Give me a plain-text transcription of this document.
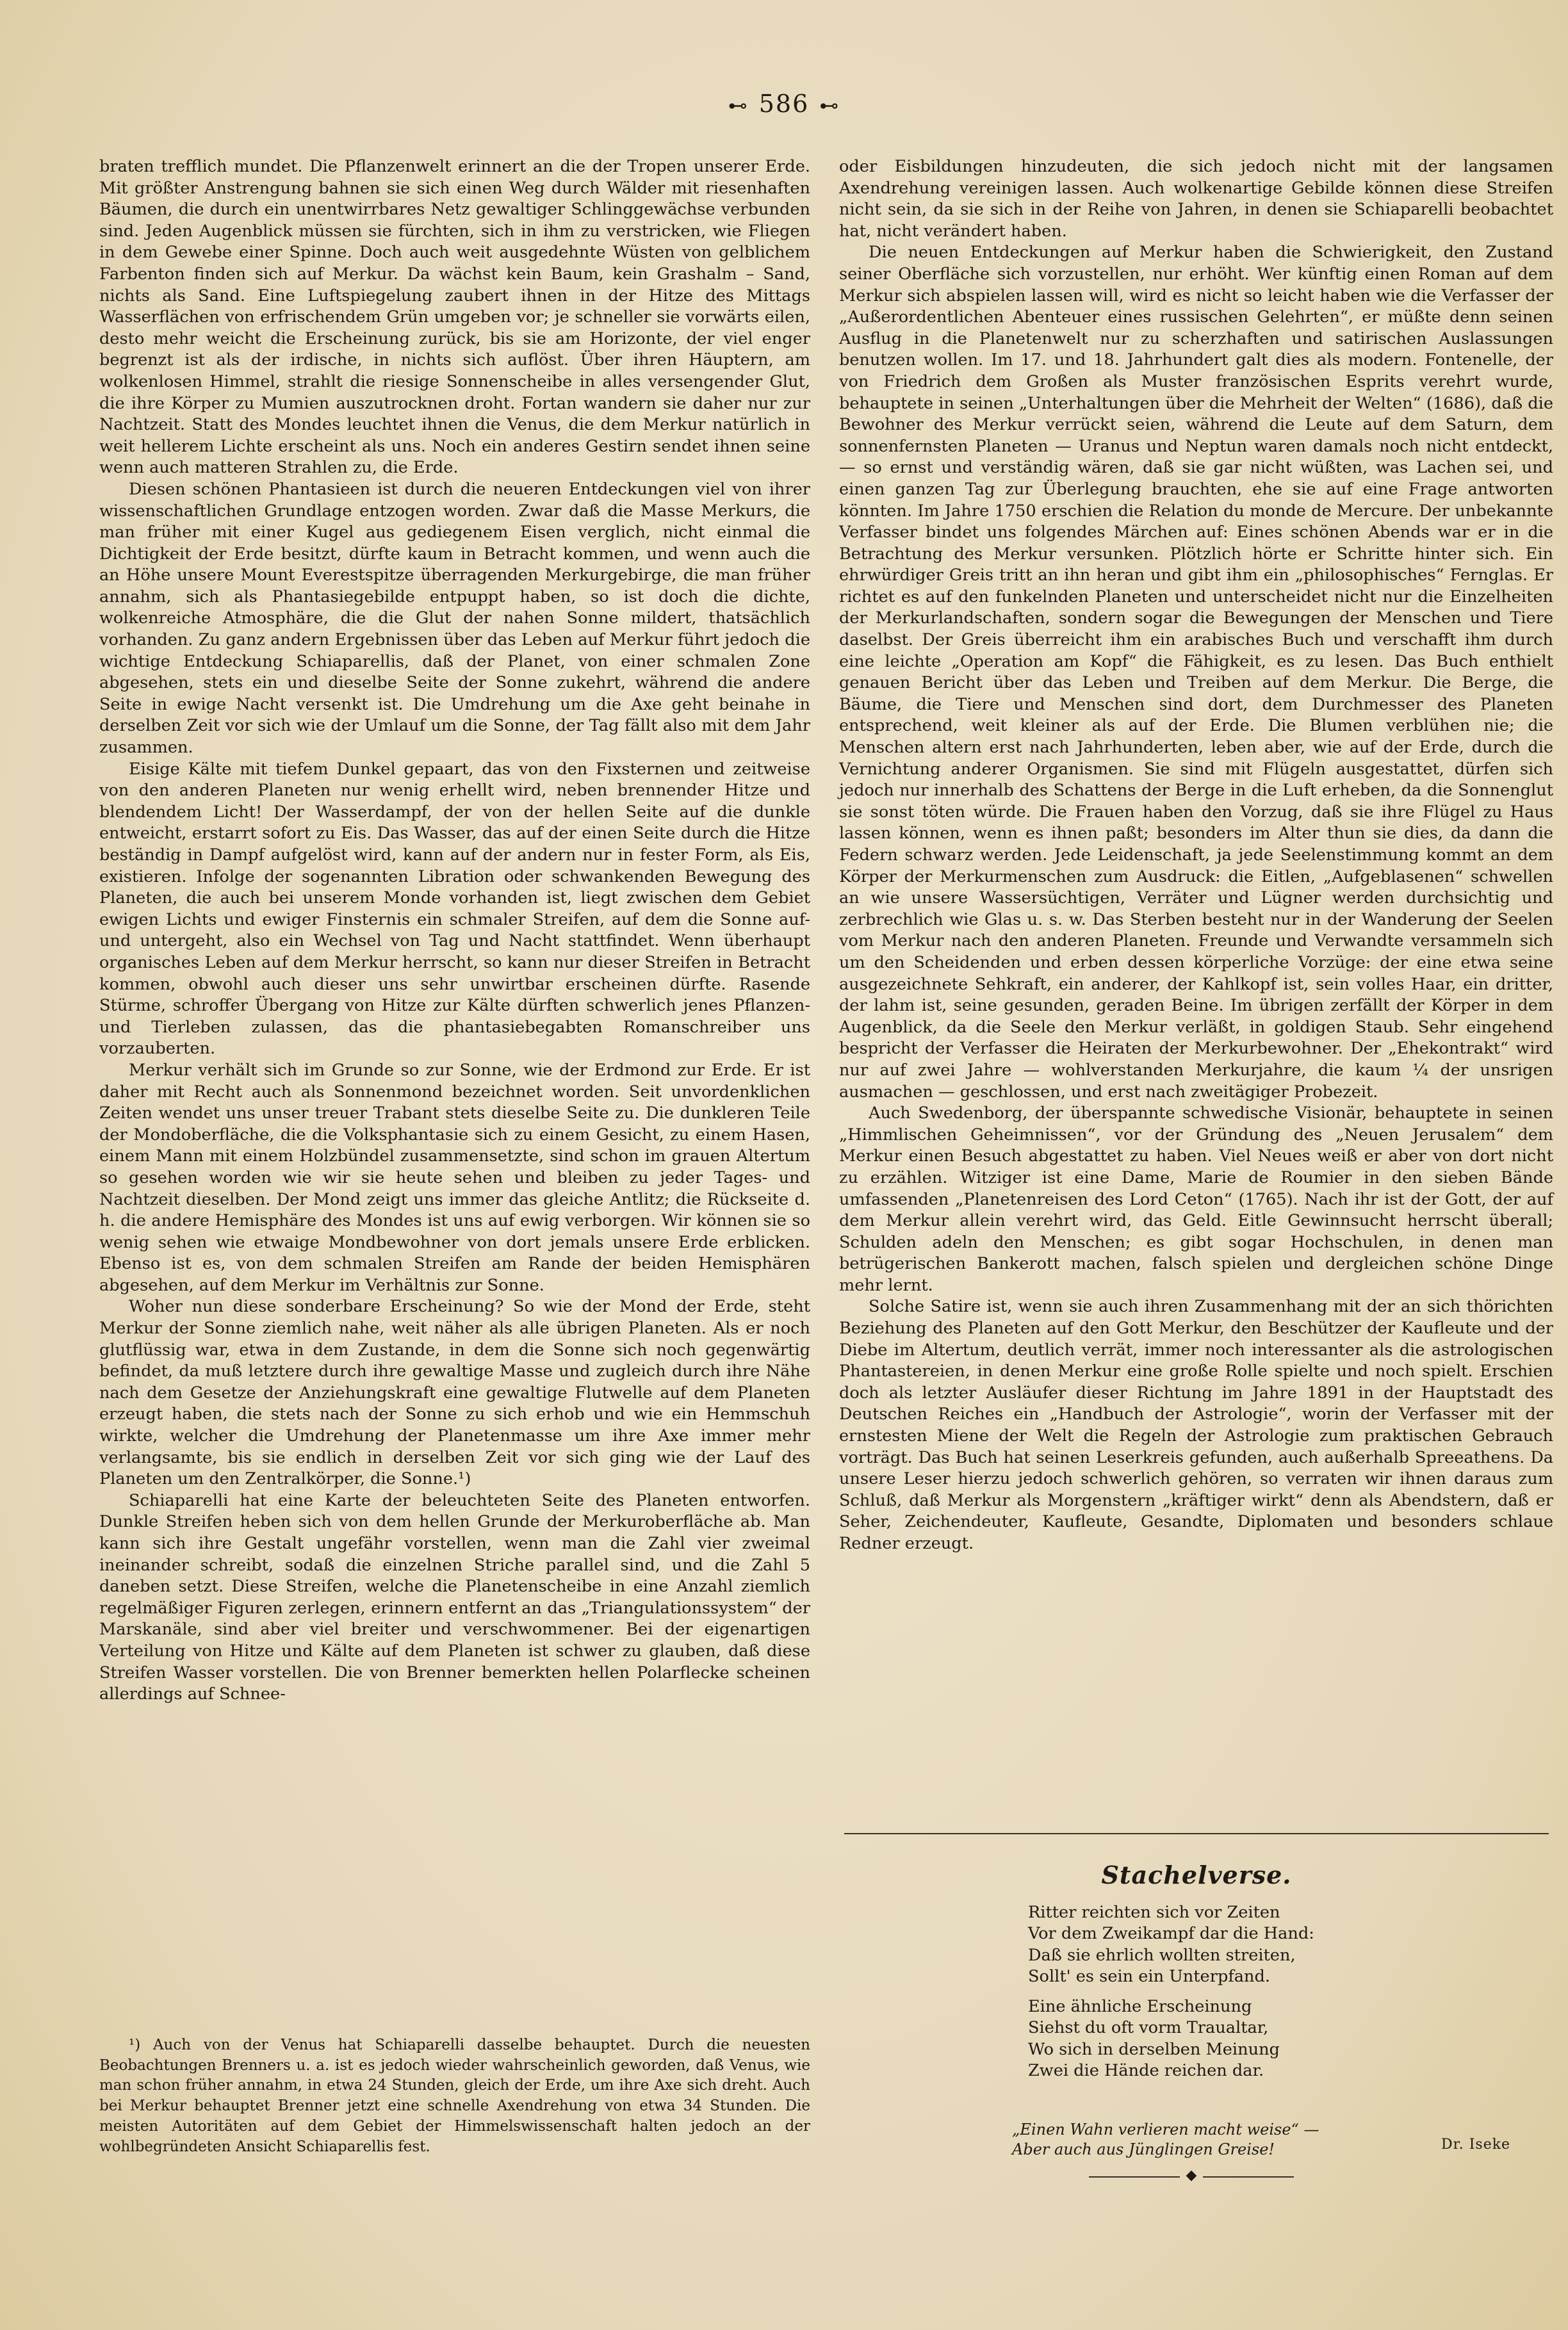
⊷ 586 ⊷

braten trefflich mundet. Die Pflanzenwelt erinnert an die der Tropen unserer Erde. Mit größter Anstrengung bahnen sie sich einen Weg durch Wälder mit riesenhaften Bäumen, die durch ein unentwirrbares Netz gewaltiger Schlinggewächse verbunden sind. Jeden Augenblick müssen sie fürchten, sich in ihm zu verstricken, wie Fliegen in dem Gewebe einer Spinne. Doch auch weit ausgedehnte Wüsten von gelblichem Farbenton finden sich auf Merkur. Da wächst kein Baum, kein Grashalm – Sand, nichts als Sand. Eine Luftspiegelung zaubert ihnen in der Hitze des Mittags Wasserflächen von erfrischendem Grün umgeben vor; je schneller sie vorwärts eilen, desto mehr weicht die Erscheinung zurück, bis sie am Horizonte, der viel enger begrenzt ist als der irdische, in nichts sich auflöst. Über ihren Häuptern, am wolkenlosen Himmel, strahlt die riesige Sonnenscheibe in alles versengender Glut, die ihre Körper zu Mumien auszutrocknen droht. Fortan wandern sie daher nur zur Nachtzeit. Statt des Mondes leuchtet ihnen die Venus, die dem Merkur natürlich in weit hellerem Lichte erscheint als uns. Noch ein anderes Gestirn sendet ihnen seine wenn auch matteren Strahlen zu, die Erde.

Diesen schönen Phantasieen ist durch die neueren Entdeckungen viel von ihrer wissenschaftlichen Grundlage entzogen worden. Zwar daß die Masse Merkurs, die man früher mit einer Kugel aus gediegenem Eisen verglich, nicht einmal die Dichtigkeit der Erde besitzt, dürfte kaum in Betracht kommen, und wenn auch die an Höhe unsere Mount Everestspitze überragenden Merkurgebirge, die man früher annahm, sich als Phantasiegebilde entpuppt haben, so ist doch die dichte, wolkenreiche Atmosphäre, die die Glut der nahen Sonne mildert, thatsächlich vorhanden. Zu ganz andern Ergebnissen über das Leben auf Merkur führt jedoch die wichtige Entdeckung Schiaparellis, daß der Planet, von einer schmalen Zone abgesehen, stets ein und dieselbe Seite der Sonne zukehrt, während die andere Seite in ewige Nacht versenkt ist. Die Umdrehung um die Axe geht beinahe in derselben Zeit vor sich wie der Umlauf um die Sonne, der Tag fällt also mit dem Jahr zusammen.

Eisige Kälte mit tiefem Dunkel gepaart, das von den Fixsternen und zeitweise von den anderen Planeten nur wenig erhellt wird, neben brennender Hitze und blendendem Licht! Der Wasserdampf, der von der hellen Seite auf die dunkle entweicht, erstarrt sofort zu Eis. Das Wasser, das auf der einen Seite durch die Hitze beständig in Dampf aufgelöst wird, kann auf der andern nur in fester Form, als Eis, existieren. Infolge der sogenannten Libration oder schwankenden Bewegung des Planeten, die auch bei unserem Monde vorhanden ist, liegt zwischen dem Gebiet ewigen Lichts und ewiger Finsternis ein schmaler Streifen, auf dem die Sonne auf- und untergeht, also ein Wechsel von Tag und Nacht stattfindet. Wenn überhaupt organisches Leben auf dem Merkur herrscht, so kann nur dieser Streifen in Betracht kommen, obwohl auch dieser uns sehr unwirtbar erscheinen dürfte. Rasende Stürme, schroffer Übergang von Hitze zur Kälte dürften schwerlich jenes Pflanzen- und Tierleben zulassen, das die phantasiebegabten Romanschreiber uns vorzauberten.

Merkur verhält sich im Grunde so zur Sonne, wie der Erdmond zur Erde. Er ist daher mit Recht auch als Sonnenmond bezeichnet worden. Seit unvordenklichen Zeiten wendet uns unser treuer Trabant stets dieselbe Seite zu. Die dunkleren Teile der Mondoberfläche, die die Volksphantasie sich zu einem Gesicht, zu einem Hasen, einem Mann mit einem Holzbündel zusammensetzte, sind schon im grauen Altertum so gesehen worden wie wir sie heute sehen und bleiben zu jeder Tages- und Nachtzeit dieselben. Der Mond zeigt uns immer das gleiche Antlitz; die Rückseite d. h. die andere Hemisphäre des Mondes ist uns auf ewig verborgen. Wir können sie so wenig sehen wie etwaige Mondbewohner von dort jemals unsere Erde erblicken. Ebenso ist es, von dem schmalen Streifen am Rande der beiden Hemisphären abgesehen, auf dem Merkur im Verhältnis zur Sonne.

Woher nun diese sonderbare Erscheinung? So wie der Mond der Erde, steht Merkur der Sonne ziemlich nahe, weit näher als alle übrigen Planeten. Als er noch glutflüssig war, etwa in dem Zustande, in dem die Sonne sich noch gegenwärtig befindet, da muß letztere durch ihre gewaltige Masse und zugleich durch ihre Nähe nach dem Gesetze der Anziehungskraft eine gewaltige Flutwelle auf dem Planeten erzeugt haben, die stets nach der Sonne zu sich erhob und wie ein Hemmschuh wirkte, welcher die Umdrehung der Planetenmasse um ihre Axe immer mehr verlangsamte, bis sie endlich in derselben Zeit vor sich ging wie der Lauf des Planeten um den Zentralkörper, die Sonne.¹)

Schiaparelli hat eine Karte der beleuchteten Seite des Planeten entworfen. Dunkle Streifen heben sich von dem hellen Grunde der Merkuroberfläche ab. Man kann sich ihre Gestalt ungefähr vorstellen, wenn man die Zahl vier zweimal ineinander schreibt, sodaß die einzelnen Striche parallel sind, und die Zahl 5 daneben setzt. Diese Streifen, welche die Planetenscheibe in eine Anzahl ziemlich regelmäßiger Figuren zerlegen, erinnern entfernt an das „Triangulationssystem“ der Marskanäle, sind aber viel breiter und verschwommener. Bei der eigenartigen Verteilung von Hitze und Kälte auf dem Planeten ist schwer zu glauben, daß diese Streifen Wasser vorstellen. Die von Brenner bemerkten hellen Polarflecke scheinen allerdings auf Schnee-

¹) Auch von der Venus hat Schiaparelli dasselbe behauptet. Durch die neuesten Beobachtungen Brenners u. a. ist es jedoch wieder wahrscheinlich geworden, daß Venus, wie man schon früher annahm, in etwa 24 Stunden, gleich der Erde, um ihre Axe sich dreht. Auch bei Merkur behauptet Brenner jetzt eine schnelle Axendrehung von etwa 34 Stunden. Die meisten Autoritäten auf dem Gebiet der Himmelswissenschaft halten jedoch an der wohlbegründeten Ansicht Schiaparellis fest.

oder Eisbildungen hinzudeuten, die sich jedoch nicht mit der langsamen Axendrehung vereinigen lassen. Auch wolkenartige Gebilde können diese Streifen nicht sein, da sie sich in der Reihe von Jahren, in denen sie Schiaparelli beobachtet hat, nicht verändert haben.

Die neuen Entdeckungen auf Merkur haben die Schwierigkeit, den Zustand seiner Oberfläche sich vorzustellen, nur erhöht. Wer künftig einen Roman auf dem Merkur sich abspielen lassen will, wird es nicht so leicht haben wie die Verfasser der „Außerordentlichen Abenteuer eines russischen Gelehrten“, er müßte denn seinen Ausflug in die Planetenwelt nur zu scherzhaften und satirischen Auslassungen benutzen wollen. Im 17. und 18. Jahrhundert galt dies als modern. Fontenelle, der von Friedrich dem Großen als Muster französischen Esprits verehrt wurde, behauptete in seinen „Unterhaltungen über die Mehrheit der Welten“ (1686), daß die Bewohner des Merkur verrückt seien, während die Leute auf dem Saturn, dem sonnenfernsten Planeten — Uranus und Neptun waren damals noch nicht entdeckt, — so ernst und verständig wären, daß sie gar nicht wüßten, was Lachen sei, und einen ganzen Tag zur Überlegung brauchten, ehe sie auf eine Frage antworten könnten. Im Jahre 1750 erschien die Relation du monde de Mercure. Der unbekannte Verfasser bindet uns folgendes Märchen auf: Eines schönen Abends war er in die Betrachtung des Merkur versunken. Plötzlich hörte er Schritte hinter sich. Ein ehrwürdiger Greis tritt an ihn heran und gibt ihm ein „philosophisches“ Fernglas. Er richtet es auf den funkelnden Planeten und unterscheidet nicht nur die Einzelheiten der Merkurlandschaften, sondern sogar die Bewegungen der Menschen und Tiere daselbst. Der Greis überreicht ihm ein arabisches Buch und verschafft ihm durch eine leichte „Operation am Kopf“ die Fähigkeit, es zu lesen. Das Buch enthielt genauen Bericht über das Leben und Treiben auf dem Merkur. Die Berge, die Bäume, die Tiere und Menschen sind dort, dem Durchmesser des Planeten entsprechend, weit kleiner als auf der Erde. Die Blumen verblühen nie; die Menschen altern erst nach Jahrhunderten, leben aber, wie auf der Erde, durch die Vernichtung anderer Organismen. Sie sind mit Flügeln ausgestattet, dürfen sich jedoch nur innerhalb des Schattens der Berge in die Luft erheben, da die Sonnenglut sie sonst töten würde. Die Frauen haben den Vorzug, daß sie ihre Flügel zu Haus lassen können, wenn es ihnen paßt; besonders im Alter thun sie dies, da dann die Federn schwarz werden. Jede Leidenschaft, ja jede Seelenstimmung kommt an dem Körper der Merkurmenschen zum Ausdruck: die Eitlen, „Aufgeblasenen“ schwellen an wie unsere Wassersüchtigen, Verräter und Lügner werden durchsichtig und zerbrechlich wie Glas u. s. w. Das Sterben besteht nur in der Wanderung der Seelen vom Merkur nach den anderen Planeten. Freunde und Verwandte versammeln sich um den Scheidenden und erben dessen körperliche Vorzüge: der eine etwa seine ausgezeichnete Sehkraft, ein anderer, der Kahlkopf ist, sein volles Haar, ein dritter, der lahm ist, seine gesunden, geraden Beine. Im übrigen zerfällt der Körper in dem Augenblick, da die Seele den Merkur verläßt, in goldigen Staub. Sehr eingehend bespricht der Verfasser die Heiraten der Merkurbewohner. Der „Ehekontrakt“ wird nur auf zwei Jahre — wohlverstanden Merkurjahre, die kaum ¼ der unsrigen ausmachen — geschlossen, und erst nach zweitägiger Probezeit.

Auch Swedenborg, der überspannte schwedische Visionär, behauptete in seinen „Himmlischen Geheimnissen“, vor der Gründung des „Neuen Jerusalem“ dem Merkur einen Besuch abgestattet zu haben. Viel Neues weiß er aber von dort nicht zu erzählen. Witziger ist eine Dame, Marie de Roumier in den sieben Bände umfassenden „Planetenreisen des Lord Ceton“ (1765). Nach ihr ist der Gott, der auf dem Merkur allein verehrt wird, das Geld. Eitle Gewinnsucht herrscht überall; Schulden adeln den Menschen; es gibt sogar Hochschulen, in denen man betrügerischen Bankerott machen, falsch spielen und dergleichen schöne Dinge mehr lernt.

Solche Satire ist, wenn sie auch ihren Zusammenhang mit der an sich thörichten Beziehung des Planeten auf den Gott Merkur, den Beschützer der Kaufleute und der Diebe im Altertum, deutlich verrät, immer noch interessanter als die astrologischen Phantastereien, in denen Merkur eine große Rolle spielte und noch spielt. Erschien doch als letzter Ausläufer dieser Richtung im Jahre 1891 in der Hauptstadt des Deutschen Reiches ein „Handbuch der Astrologie“, worin der Verfasser mit der ernstesten Miene der Welt die Regeln der Astrologie zum praktischen Gebrauch vorträgt. Das Buch hat seinen Leserkreis gefunden, auch außerhalb Spreeathens. Da unsere Leser hierzu jedoch schwerlich gehören, so verraten wir ihnen daraus zum Schluß, daß Merkur als Morgenstern „kräftiger wirkt“ denn als Abendstern, daß er Seher, Zeichendeuter, Kaufleute, Gesandte, Diplomaten und besonders schlaue Redner erzeugt.

Stachelverse.
Ritter reichten sich vor Zeiten
Vor dem Zweikampf dar die Hand:
Daß sie ehrlich wollten streiten,
Sollt' es sein ein Unterpfand.
Eine ähnliche Erscheinung
Siehst du oft vorm Traualtar,
Wo sich in derselben Meinung
Zwei die Hände reichen dar.
„Einen Wahn verlieren macht weise“ —
Aber auch aus Jünglingen Greise!	Dr. Iseke
◆
